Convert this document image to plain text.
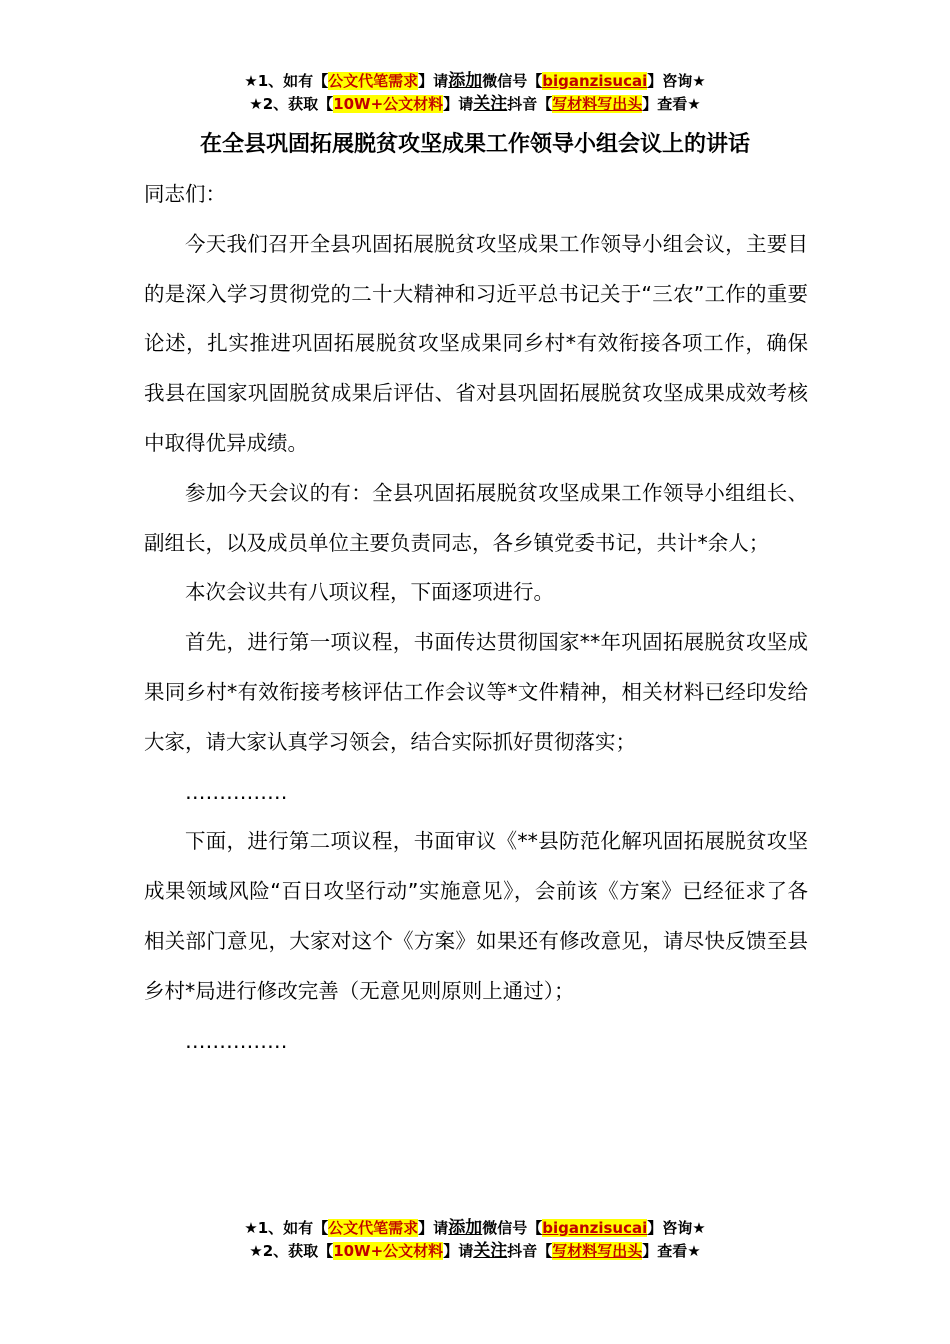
★1、如有【公文代笔需求】请添加微信号【biganzisucai】咨询★
★2、获取【10W+公文材料】请关注抖音【写材料写出头】查看★
在全县巩固拓展脱贫攻坚成果工作领导小组会议上的讲话

同志们：

今天我们召开全县巩固拓展脱贫攻坚成果工作领导小组会议，主要目的是深入学习贯彻党的二十大精神和习近平总书记关于“三农”工作的重要论述，扎实推进巩固拓展脱贫攻坚成果同乡村*有效衔接各项工作，确保我县在国家巩固脱贫成果后评估、省对县巩固拓展脱贫攻坚成果成效考核中取得优异成绩。

参加今天会议的有：全县巩固拓展脱贫攻坚成果工作领导小组组长、副组长，以及成员单位主要负责同志，各乡镇党委书记，共计*余人；

本次会议共有八项议程，下面逐项进行。

首先，进行第一项议程，书面传达贯彻国家**年巩固拓展脱贫攻坚成果同乡村*有效衔接考核评估工作会议等*文件精神，相关材料已经印发给大家，请大家认真学习领会，结合实际抓好贯彻落实；

……………

下面，进行第二项议程，书面审议《**县防范化解巩固拓展脱贫攻坚成果领域风险“百日攻坚行动”实施意见》，会前该《方案》已经征求了各相关部门意见，大家对这个《方案》如果还有修改意见，请尽快反馈至县乡村*局进行修改完善（无意见则原则上通过）；

……………

★1、如有【公文代笔需求】请添加微信号【biganzisucai】咨询★
★2、获取【10W+公文材料】请关注抖音【写材料写出头】查看★
